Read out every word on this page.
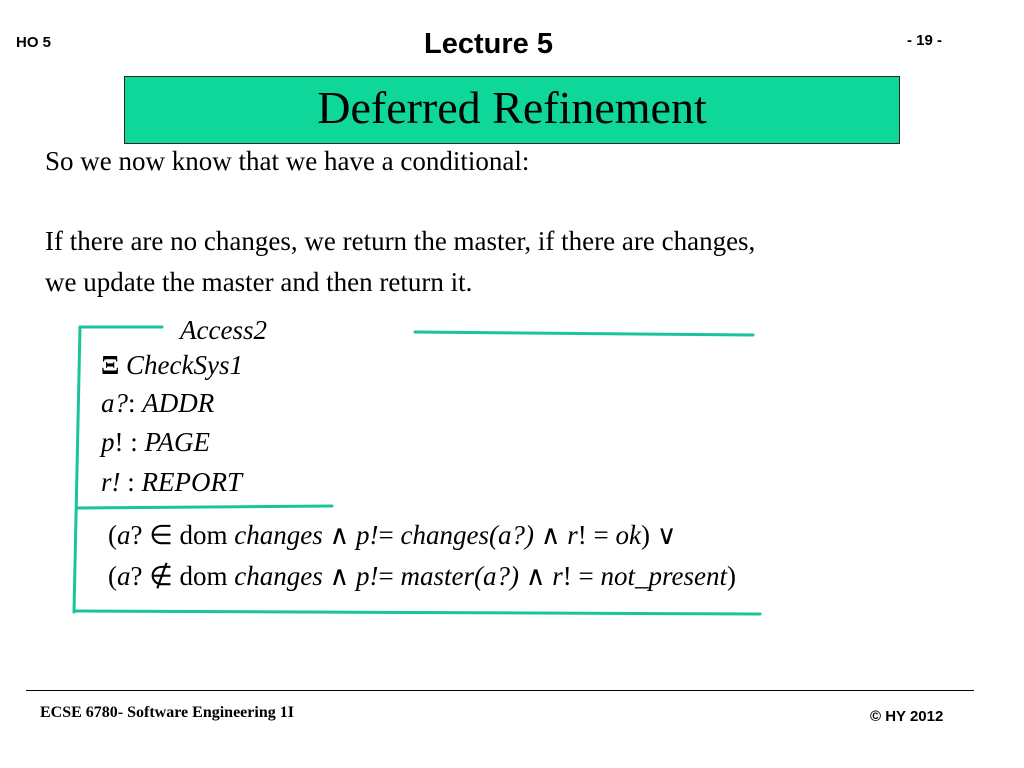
HO 5	Lecture 5	- 19 -
Deferred Refinement
So we now know that we have a conditional:
If there are no changes, we return the master, if there are changes,
we update the master and then return it.
Access2
Ξ CheckSys1
a?: ADDR
p! : PAGE
r! : REPORT
(a? ∈ dom changes ∧ p!= changes(a?) ∧ r! = ok) ∨
(a? ∉ dom changes ∧ p!= master(a?) ∧ r! = not_present)
ECSE 6780- Software Engineering 1I	© HY 2012
